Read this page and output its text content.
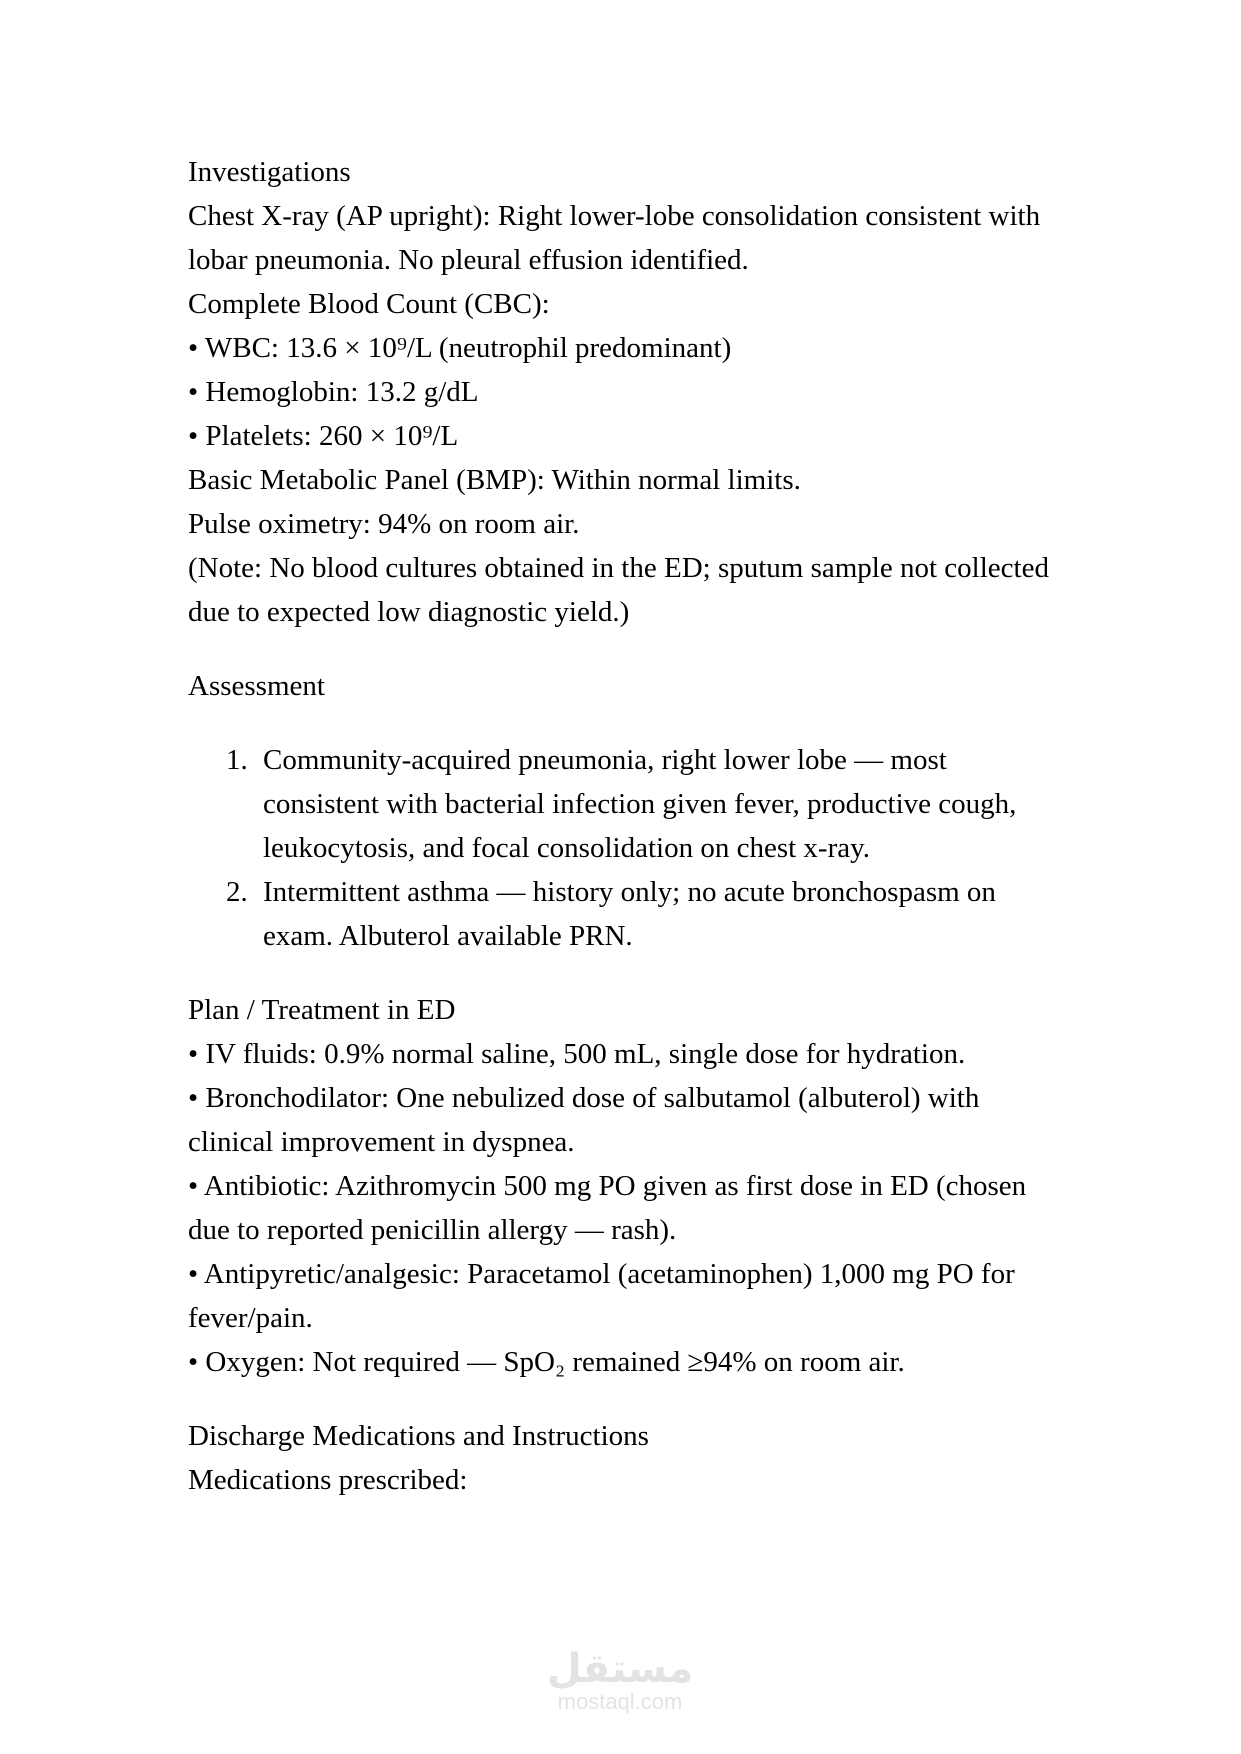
Investigations
Chest X-ray (AP upright): Right lower-lobe consolidation consistent with lobar pneumonia. No pleural effusion identified.
Complete Blood Count (CBC):
• WBC: 13.6 × 10⁹/L (neutrophil predominant)
• Hemoglobin: 13.2 g/dL
• Platelets: 260 × 10⁹/L
Basic Metabolic Panel (BMP): Within normal limits.
Pulse oximetry: 94% on room air.
(Note: No blood cultures obtained in the ED; sputum sample not collected due to expected low diagnostic yield.)
Assessment
1. Community-acquired pneumonia, right lower lobe — most consistent with bacterial infection given fever, productive cough, leukocytosis, and focal consolidation on chest x-ray.
2. Intermittent asthma — history only; no acute bronchospasm on exam. Albuterol available PRN.
Plan / Treatment in ED
• IV fluids: 0.9% normal saline, 500 mL, single dose for hydration.
• Bronchodilator: One nebulized dose of salbutamol (albuterol) with clinical improvement in dyspnea.
• Antibiotic: Azithromycin 500 mg PO given as first dose in ED (chosen due to reported penicillin allergy — rash).
• Antipyretic/analgesic: Paracetamol (acetaminophen) 1,000 mg PO for fever/pain.
• Oxygen: Not required — SpO₂ remained ≥94% on room air.
Discharge Medications and Instructions
Medications prescribed:
مستقل
mostaql.com
